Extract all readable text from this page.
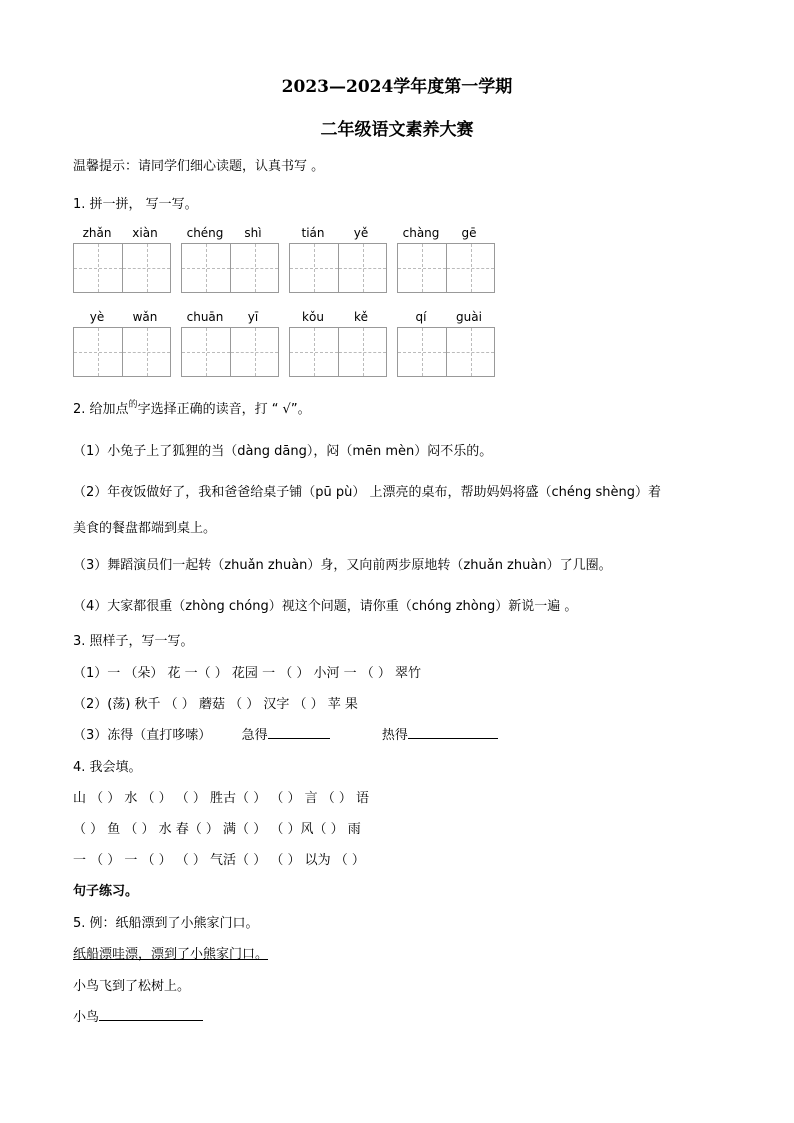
2023—2024学年度第一学期
二年级语文素养大赛
温馨提示：请同学们细心读题，认真书写 。
1. 拼一拼， 写一写。
zhǎn	xiàn	chéng	shì	tián	yě	chàng	gē
yè	wǎn	chuān	yī	kǒu	kě	qí	guài
2. 给加点$^的$字选择正确的读音，打 “ √”。
（1）小兔子上了狐狸的当（dàng dāng），闷（mēn mèn）闷不乐的。
（2）年夜饭做好了，我和爸爸给桌子铺（pū pù） 上漂亮的桌布，帮助妈妈将盛（chéng shèng）着
美食的餐盘都端到桌上。
（3）舞蹈演员们一起转（zhuǎn zhuàn）身，又向前两步原地转（zhuǎn zhuàn）了几圈。
（4）大家都很重（zhòng chóng）视这个问题，请你重（chóng zhòng）新说一遍 。
3. 照样子，写一写。
（1）一 （朵） 花 一（ ） 花园 一 （ ） 小河 一 （ ） 翠竹
（2）(荡) 秋千 （ ） 蘑菇 （ ） 汉字 （ ） 苹 果
（3）冻得（直打哆嗦） 急得	热得
4. 我会填。
山 （ ） 水 （ ） （ ） 胜古（ ） （ ） 言 （ ） 语
（ ） 鱼 （ ） 水 春（ ） 满（ ） （ ）风（ ） 雨
一 （ ） 一 （ ） （ ） 气活（ ） （ ） 以为 （ ）
句子练习。
5. 例：纸船漂到了小熊家门口。
纸船漂哇漂，漂到了小熊家门口。
小鸟飞到了松树上。
小鸟
